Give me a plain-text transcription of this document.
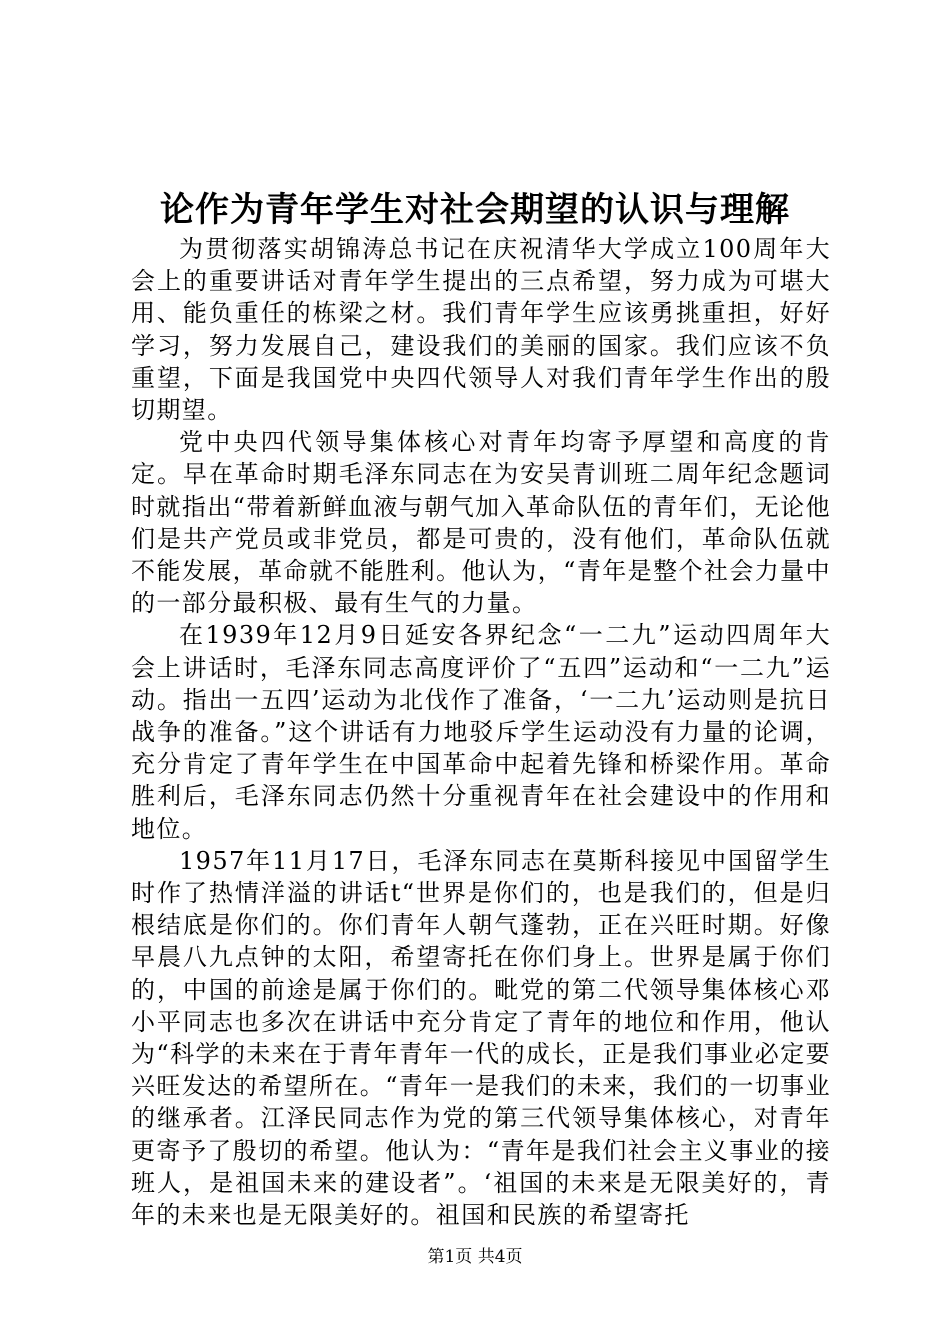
论作为青年学生对社会期望的认识与理解

为贯彻落实胡锦涛总书记在庆祝清华大学成立100周年大会上的重要讲话对青年学生提出的三点希望，努力成为可堪大用、能负重任的栋梁之材。我们青年学生应该勇挑重担，好好学习，努力发展自己，建设我们的美丽的国家。我们应该不负重望，下面是我国党中央四代领导人对我们青年学生作出的殷切期望。

党中央四代领导集体核心对青年均寄予厚望和高度的肯定。早在革命时期毛泽东同志在为安吴青训班二周年纪念题词时就指出“带着新鲜血液与朝气加入革命队伍的青年们，无论他们是共产党员或非党员，都是可贵的，没有他们，革命队伍就不能发展，革命就不能胜利。他认为，“青年是整个社会力量中的一部分最积极、最有生气的力量。

在1939年12月9日延安各界纪念“一二九”运动四周年大会上讲话时，毛泽东同志高度评价了“五四”运动和“一二九”运动。指出一五四’运动为北伐作了准备，‘一二九’运动则是抗日战争的准备。”这个讲话有力地驳斥学生运动没有力量的论调，充分肯定了青年学生在中国革命中起着先锋和桥梁作用。革命胜利后，毛泽东同志仍然十分重视青年在社会建设中的作用和地位。

1957年11月17日，毛泽东同志在莫斯科接见中国留学生时作了热情洋溢的讲话t“世界是你们的，也是我们的，但是归根结底是你们的。你们青年人朝气蓬勃，正在兴旺时期。好像早晨八九点钟的太阳，希望寄托在你们身上。世界是属于你们的，中国的前途是属于你们的。毗党的第二代领导集体核心邓小平同志也多次在讲话中充分肯定了青年的地位和作用，他认为“科学的未来在于青年青年一代的成长，正是我们事业必定要兴旺发达的希望所在。“青年一是我们的未来，我们的一切事业的继承者。江泽民同志作为党的第三代领导集体核心，对青年更寄予了殷切的希望。他认为：“青年是我们社会主义事业的接班人，是祖国未来的建设者”。‘祖国的未来是无限美好的，青年的未来也是无限美好的。祖国和民族的希望寄托

第1页 共4页
